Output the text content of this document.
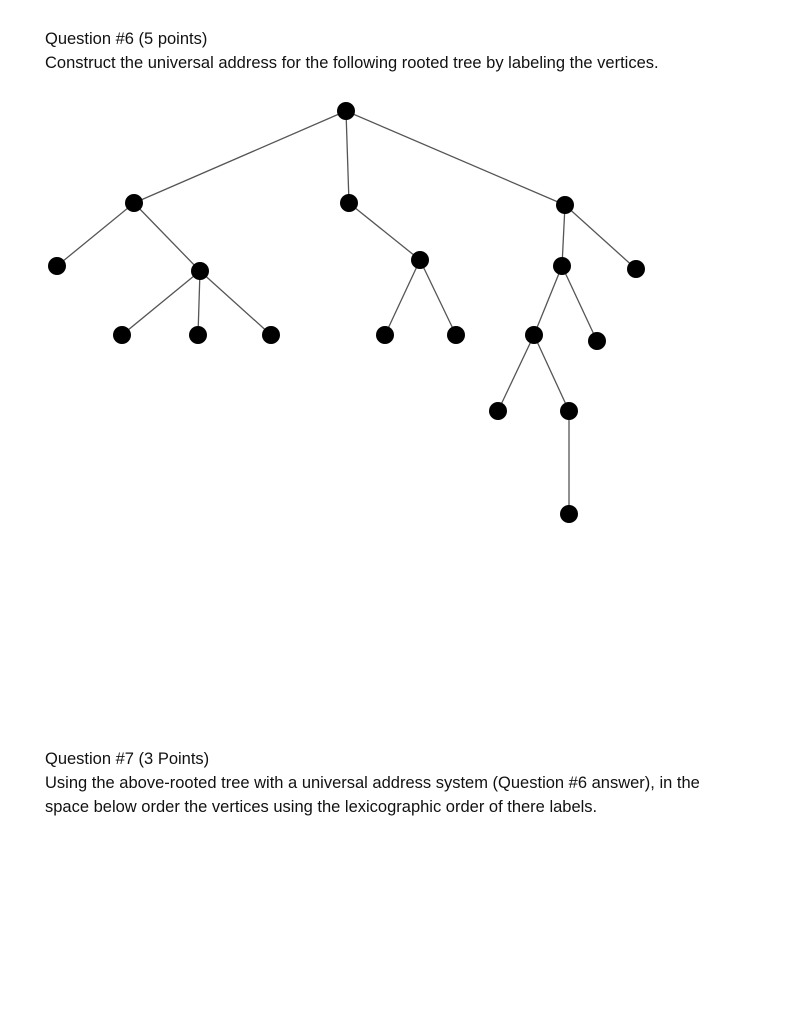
Question #6 (5 points)

Construct the universal address for the following rooted tree by labeling the vertices.

Question #7 (3 Points)

Using the above-rooted tree with a universal address system (Question #6 answer), in the

space below order the vertices using the lexicographic order of there labels.
